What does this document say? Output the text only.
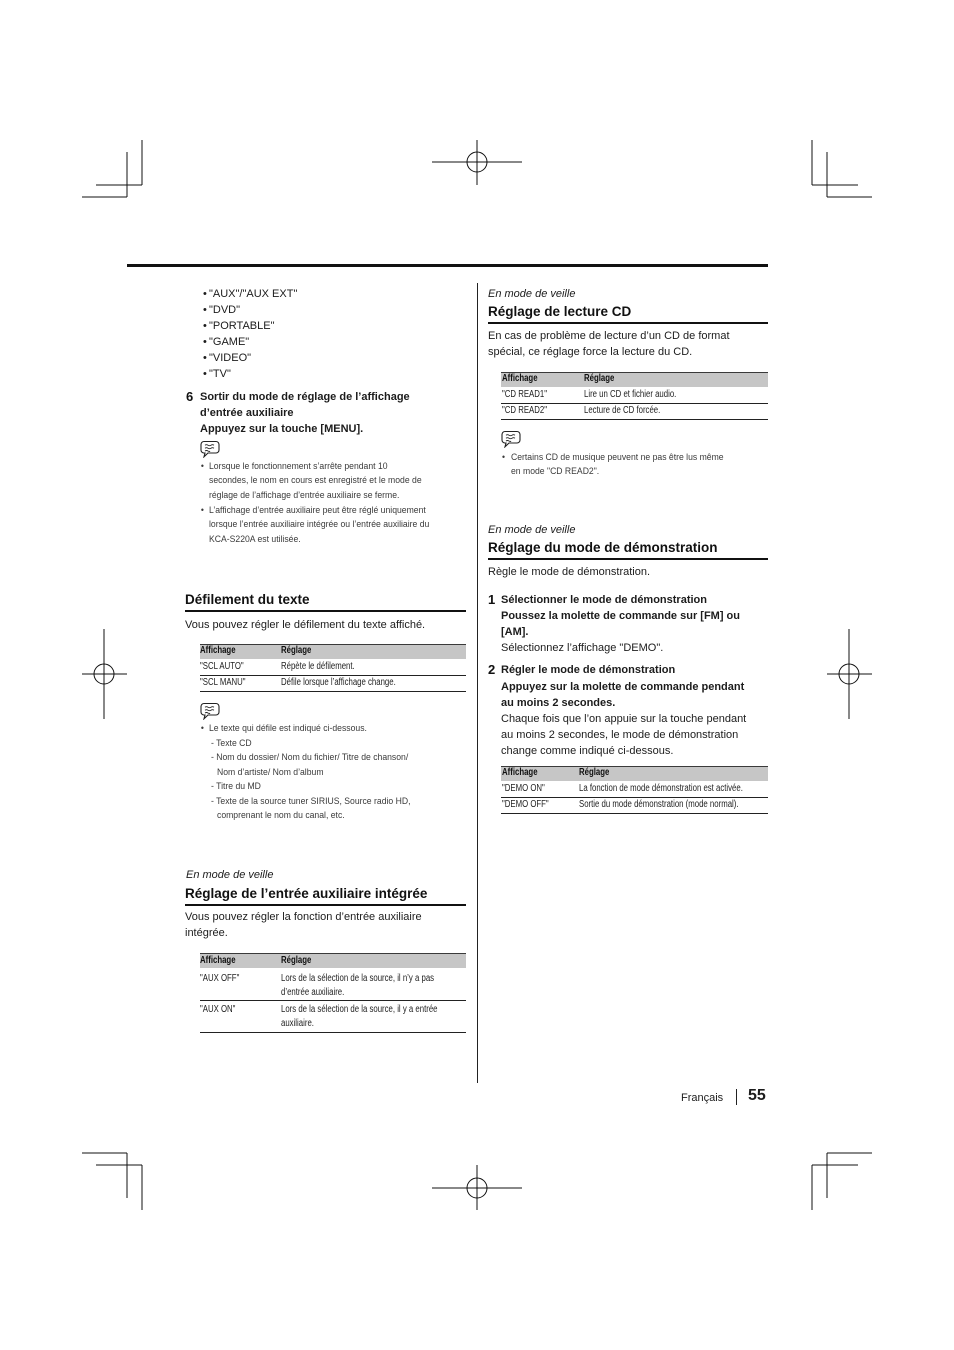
• "AUX"/"AUX EXT"
• "DVD"
• "PORTABLE"
• "GAME"
• "VIDEO"
• "TV"
6 Sortir du mode de réglage de l’affichage
d’entrée auxiliaire
Appuyez sur la touche [MENU].
• Lorsque le fonctionnement s’arrête pendant 10
secondes, le nom en cours est enregistré et le mode de
réglage de l’affichage d’entrée auxiliaire se ferme.
• L’affichage d’entrée auxiliaire peut être réglé uniquement
lorsque l’entrée auxiliaire intégrée ou l’entrée auxiliaire du
KCA-S220A est utilisée.
Défilement du texte
Vous pouvez régler le défilement du texte affiché.
Affichage	Réglage
"SCL AUTO"	Répète le défilement.
"SCL MANU"	Défile lorsque l’affichage change.
• Le texte qui défile est indiqué ci-dessous.
- Texte CD
- Nom du dossier/ Nom du fichier/ Titre de chanson/
Nom d’artiste/ Nom d’album
- Titre du MD
- Texte de la source tuner SIRIUS, Source radio HD,
comprenant le nom du canal, etc.
En mode de veille
Réglage de l’entrée auxiliaire intégrée
Vous pouvez régler la fonction d’entrée auxiliaire
intégrée.
Affichage	Réglage
"AUX OFF"	Lors de la sélection de la source, il n’y a pas
d’entrée auxiliaire.
"AUX ON"	Lors de la sélection de la source, il y a entrée
auxiliaire.
En mode de veille
Réglage de lecture CD
En cas de problème de lecture d’un CD de format
spécial, ce réglage force la lecture du CD.
Affichage	Réglage
"CD READ1"	Lire un CD et fichier audio.
"CD READ2"	Lecture de CD forcée.
• Certains CD de musique peuvent ne pas être lus même
en mode "CD READ2".
En mode de veille
Réglage du mode de démonstration
Règle le mode de démonstration.
1 Sélectionner le mode de démonstration
Poussez la molette de commande sur [FM] ou
[AM].
Sélectionnez l’affichage "DEMO".
2 Régler le mode de démonstration
Appuyez sur la molette de commande pendant
au moins 2 secondes.
Chaque fois que l’on appuie sur la touche pendant
au moins 2 secondes, le mode de démonstration
change comme indiqué ci-dessous.
Affichage	Réglage
"DEMO ON"	La fonction de mode démonstration est activée.
"DEMO OFF"	Sortie du mode démonstration (mode normal).
Français 55
